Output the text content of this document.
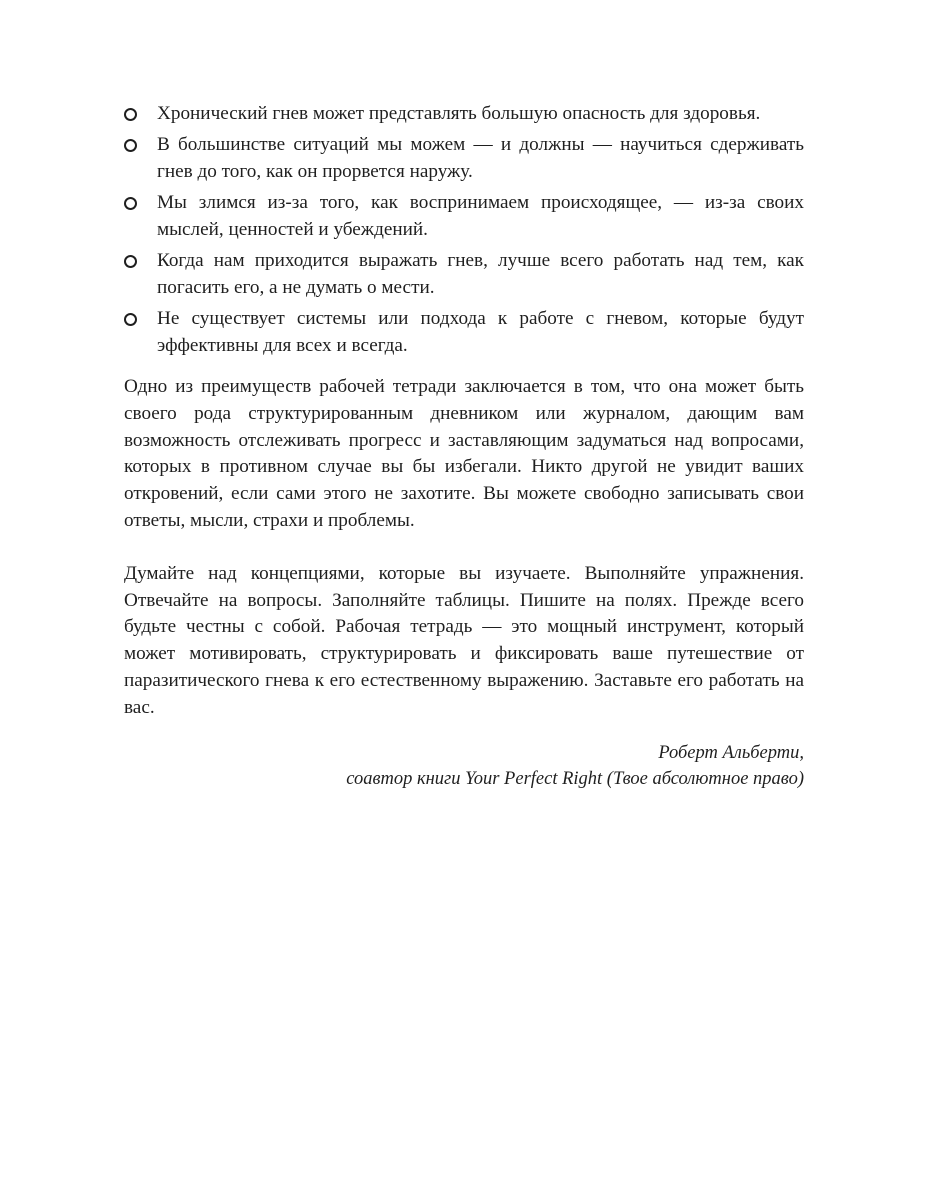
Хронический гнев может представлять большую опасность для здоровья.
В большинстве ситуаций мы можем — и должны — научиться сдерживать гнев до того, как он прорвется наружу.
Мы злимся из-за того, как воспринимаем происходящее, — из-за своих мыслей, ценностей и убеждений.
Когда нам приходится выражать гнев, лучше всего работать над тем, как погасить его, а не думать о мести.
Не существует системы или подхода к работе с гневом, которые будут эффективны для всех и всегда.

Одно из преимуществ рабочей тетради заключается в том, что она может быть своего рода структурированным дневником или журналом, дающим вам возможность отслеживать прогресс и заставляющим задуматься над вопросами, которых в противном случае вы бы избегали. Никто другой не увидит ваших откровений, если сами этого не захотите. Вы можете свободно записывать свои ответы, мысли, страхи и проблемы.

Думайте над концепциями, которые вы изучаете. Выполняйте упражнения. Отвечайте на вопросы. Заполняйте таблицы. Пишите на полях. Прежде всего будьте честны с собой. Рабочая тетрадь — это мощный инструмент, который может мотивировать, структурировать и фиксировать ваше путешествие от паразитического гнева к его естественному выражению. Заставьте его работать на вас.

Роберт Альберти,
соавтор книги Your Perfect Right (Твое абсолютное право)
